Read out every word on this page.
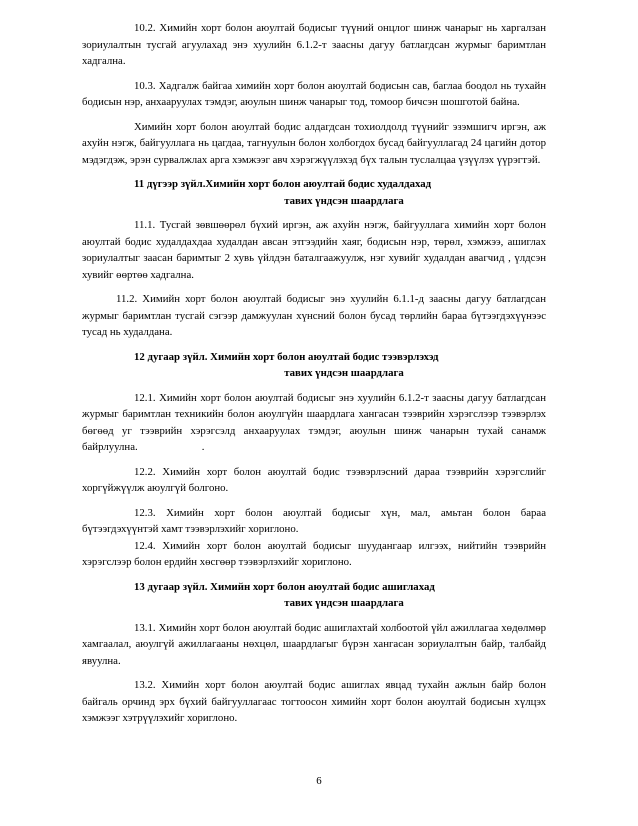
10.2. Химийн хорт болон аюултай бодисыг түүний онцлог шинж чанарыг нь харгалзан зориулалтын тусгай агуулахад энэ хуулийн 6.1.2-т заасны дагуу батлагдсан журмыг баримтлан хадгална.

10.3. Хадгалж байгаа химийн хорт болон аюултай бодисын сав, баглаа боодол нь тухайн бодисын нэр, анхааруулах тэмдэг, аюулын шинж чанарыг тод, томоор бичсэн шошготой байна.

Химийн хорт болон аюултай бодис алдагдсан тохиолдолд түүнийг эзэмшигч иргэн, аж ахуйн нэгж, байгууллага нь цагдаа, тагнуулын болон холбогдох бусад байгууллагад 24 цагийн дотор мэдэгдэж, эрэн сурвалжлах арга хэмжээг авч хэрэгжүүлэхэд бүх талын туслалцаа үзүүлэх үүрэгтэй.

11 дүгээр зүйл.Химийн хорт болон аюултай бодис худалдахад
тавих үндсэн шаардлага

11.1. Тусгай зөвшөөрөл бүхий иргэн, аж ахуйн нэгж, байгууллага химийн хорт болон аюултай бодис худалдахдаа худалдан авсан этгээдийн хаяг, бодисын нэр, төрөл, хэмжээ, ашиглах зориулалтыг заасан баримтыг 2 хувь үйлдэн баталгаажуулж, нэг хувийг худалдан авагчид , үлдсэн хувийг өөртөө хадгална.

11.2. Химийн хорт болон аюултай бодисыг энэ хуулийн 6.1.1-д заасны дагуу батлагдсан журмыг баримтлан тусгай сэгээр дамжуулан хүнсний болон бусад төрлийн бараа бүтээгдэхүүнээс тусад нь худалдана.

12 дугаар зүйл. Химийн хорт болон аюултай бодис тээвэрлэхэд
тавих үндсэн шаардлага

12.1. Химийн хорт болон аюултай бодисыг энэ хуулийн 6.1.2-т заасны дагуу батлагдсан журмыг баримтлан техникийн болон аюулгүйн шаардлага хангасан тээврийн хэрэгслээр тээвэрлэх бөгөөд уг тээврийн хэрэгсэлд анхааруулах тэмдэг, аюулын шинж чанарын тухай санамж байрлуулна.	.

12.2. Химийн хорт болон аюултай бодис тээвэрлэсний дараа тээврийн хэрэгслийг хоргүйжүүлж аюулгүй болгоно.

12.3. Химийн хорт болон аюултай бодисыг хүн, мал, амьтан болон бараа бүтээгдэхүүнтэй хамт тээвэрлэхийг хориглоно.

12.4. Химийн хорт болон аюултай бодисыг шуудангаар илгээх, нийтийн тээврийн хэрэгслээр болон ердийн хөсгөөр тээвэрлэхийг хориглоно.

13 дугаар зүйл. Химийн хорт болон аюултай бодис ашиглахад
тавих үндсэн шаардлага

13.1. Химийн хорт болон аюултай бодис ашиглахтай холбоотой үйл ажиллагаа хөдөлмөр хамгаалал, аюулгүй ажиллагааны нөхцөл, шаардлагыг бүрэн хангасан зориулалтын байр, талбайд явуулна.

13.2. Химийн хорт болон аюултай бодис ашиглах явцад тухайн ажлын байр болон байгаль орчинд эрх бүхий байгууллагаас тогтоосон химийн хорт болон аюултай бодисын хүлцэх хэмжээг хэтрүүлэхийг хориглоно.

6
